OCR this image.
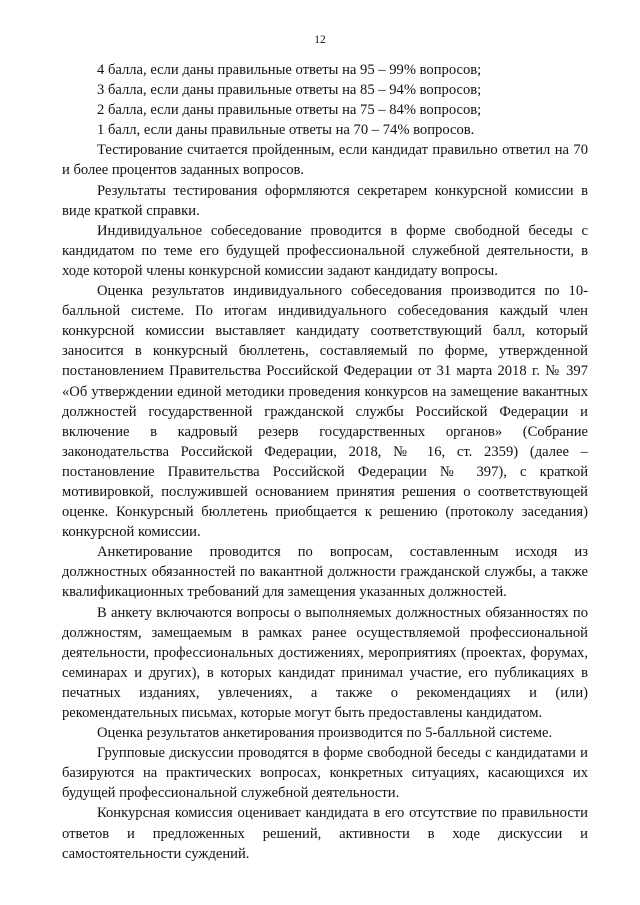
12

4 балла, если даны правильные ответы на 95 – 99% вопросов;

3 балла, если даны правильные ответы на 85 – 94% вопросов;

2 балла, если даны правильные ответы на 75 – 84% вопросов;

1 балл, если даны правильные ответы на 70 – 74% вопросов.

Тестирование считается пройденным, если кандидат правильно ответил на 70 и более процентов заданных вопросов.

Результаты тестирования оформляются секретарем конкурсной комиссии в виде краткой справки.

Индивидуальное собеседование проводится в форме свободной беседы с кандидатом по теме его будущей профессиональной служебной деятельности, в ходе которой члены конкурсной комиссии задают кандидату вопросы.

Оценка результатов индивидуального собеседования производится по 10-балльной системе. По итогам индивидуального собеседования каждый член конкурсной комиссии выставляет кандидату соответствующий балл, который заносится в конкурсный бюллетень, составляемый по форме, утвержденной постановлением Правительства Российской Федерации от 31 марта 2018 г. № 397 «Об утверждении единой методики проведения конкурсов на замещение вакантных должностей государственной гражданской службы Российской Федерации и включение в кадровый резерв государственных органов» (Собрание законодательства Российской Федерации, 2018, № 16, ст. 2359) (далее – постановление Правительства Российской Федерации № 397), с краткой мотивировкой, послужившей основанием принятия решения о соответствующей оценке. Конкурсный бюллетень приобщается к решению (протоколу заседания) конкурсной комиссии.

Анкетирование проводится по вопросам, составленным исходя из должностных обязанностей по вакантной должности гражданской службы, а также квалификационных требований для замещения указанных должностей.

В анкету включаются вопросы о выполняемых должностных обязанностях по должностям, замещаемым в рамках ранее осуществляемой профессиональной деятельности, профессиональных достижениях, мероприятиях (проектах, форумах, семинарах и других), в которых кандидат принимал участие, его публикациях в печатных изданиях, увлечениях, а также о рекомендациях и (или) рекомендательных письмах, которые могут быть предоставлены кандидатом.

Оценка результатов анкетирования производится по 5-балльной системе.

Групповые дискуссии проводятся в форме свободной беседы с кандидатами и базируются на практических вопросах, конкретных ситуациях, касающихся их будущей профессиональной служебной деятельности.

Конкурсная комиссия оценивает кандидата в его отсутствие по правильности ответов и предложенных решений, активности в ходе дискуссии и самостоятельности суждений.
